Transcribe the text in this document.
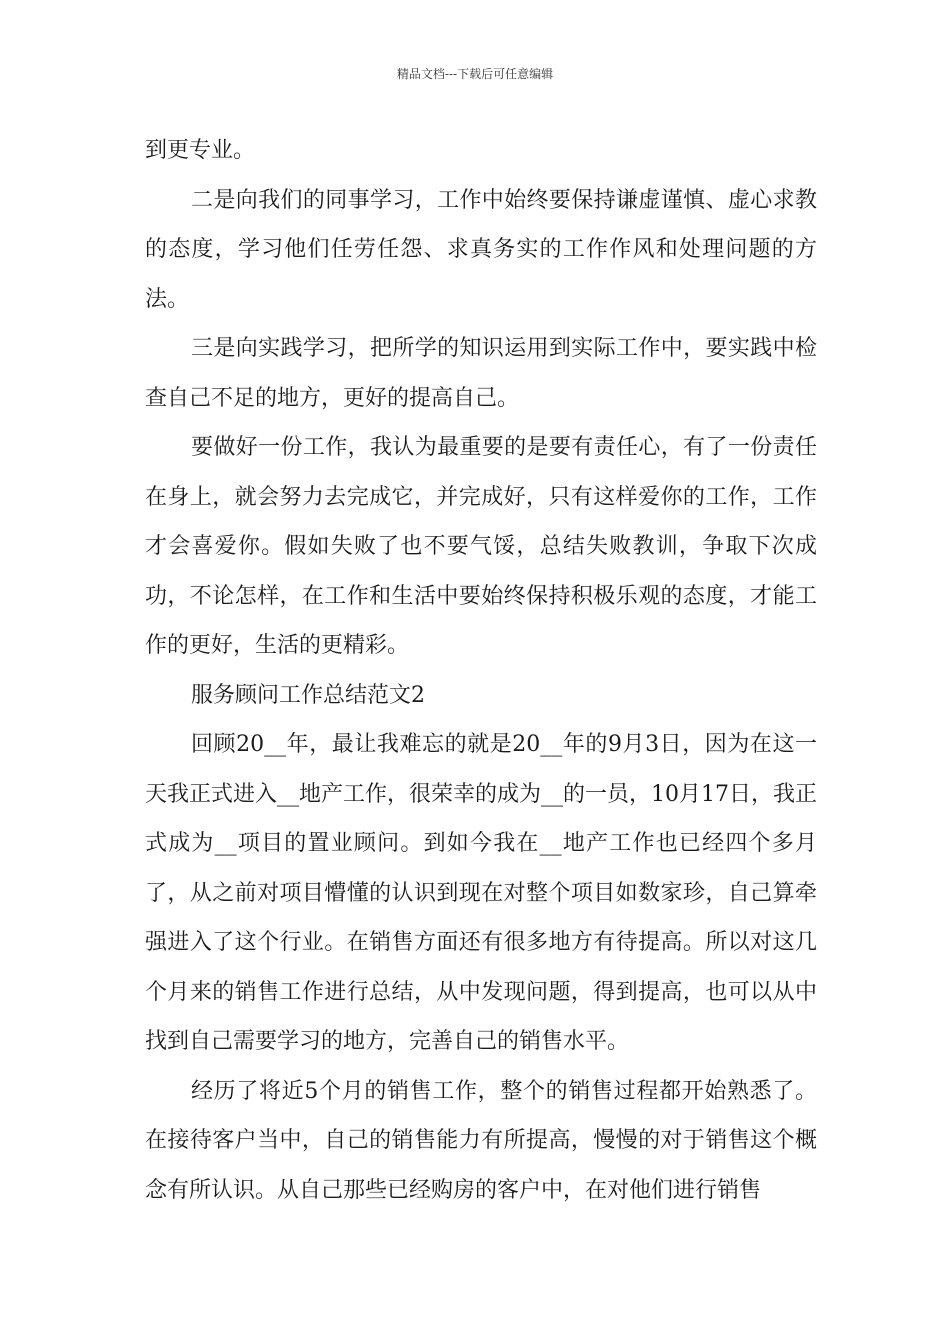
精品文档---下载后可任意编辑

到更专业。

二是向我们的同事学习，工作中始终要保持谦虚谨慎、虚心求教的态度，学习他们任劳任怨、求真务实的工作作风和处理问题的方法。

三是向实践学习，把所学的知识运用到实际工作中，要实践中检查自己不足的地方，更好的提高自己。

要做好一份工作，我认为最重要的是要有责任心，有了一份责任在身上，就会努力去完成它，并完成好，只有这样爱你的工作，工作才会喜爱你。假如失败了也不要气馁，总结失败教训，争取下次成功，不论怎样，在工作和生活中要始终保持积极乐观的态度，才能工作的更好，生活的更精彩。

服务顾问工作总结范文2

回顾20__年，最让我难忘的就是20__年的9月3日，因为在这一天我正式进入__地产工作，很荣幸的成为__的一员，10月17日，我正式成为__项目的置业顾问。到如今我在__地产工作也已经四个多月了，从之前对项目懵懂的认识到现在对整个项目如数家珍，自己算牵强进入了这个行业。在销售方面还有很多地方有待提高。所以对这几个月来的销售工作进行总结，从中发现问题，得到提高，也可以从中找到自己需要学习的地方，完善自己的销售水平。

经历了将近5个月的销售工作，整个的销售过程都开始熟悉了。在接待客户当中，自己的销售能力有所提高，慢慢的对于销售这个概念有所认识。从自己那些已经购房的客户中，在对他们进行销售
